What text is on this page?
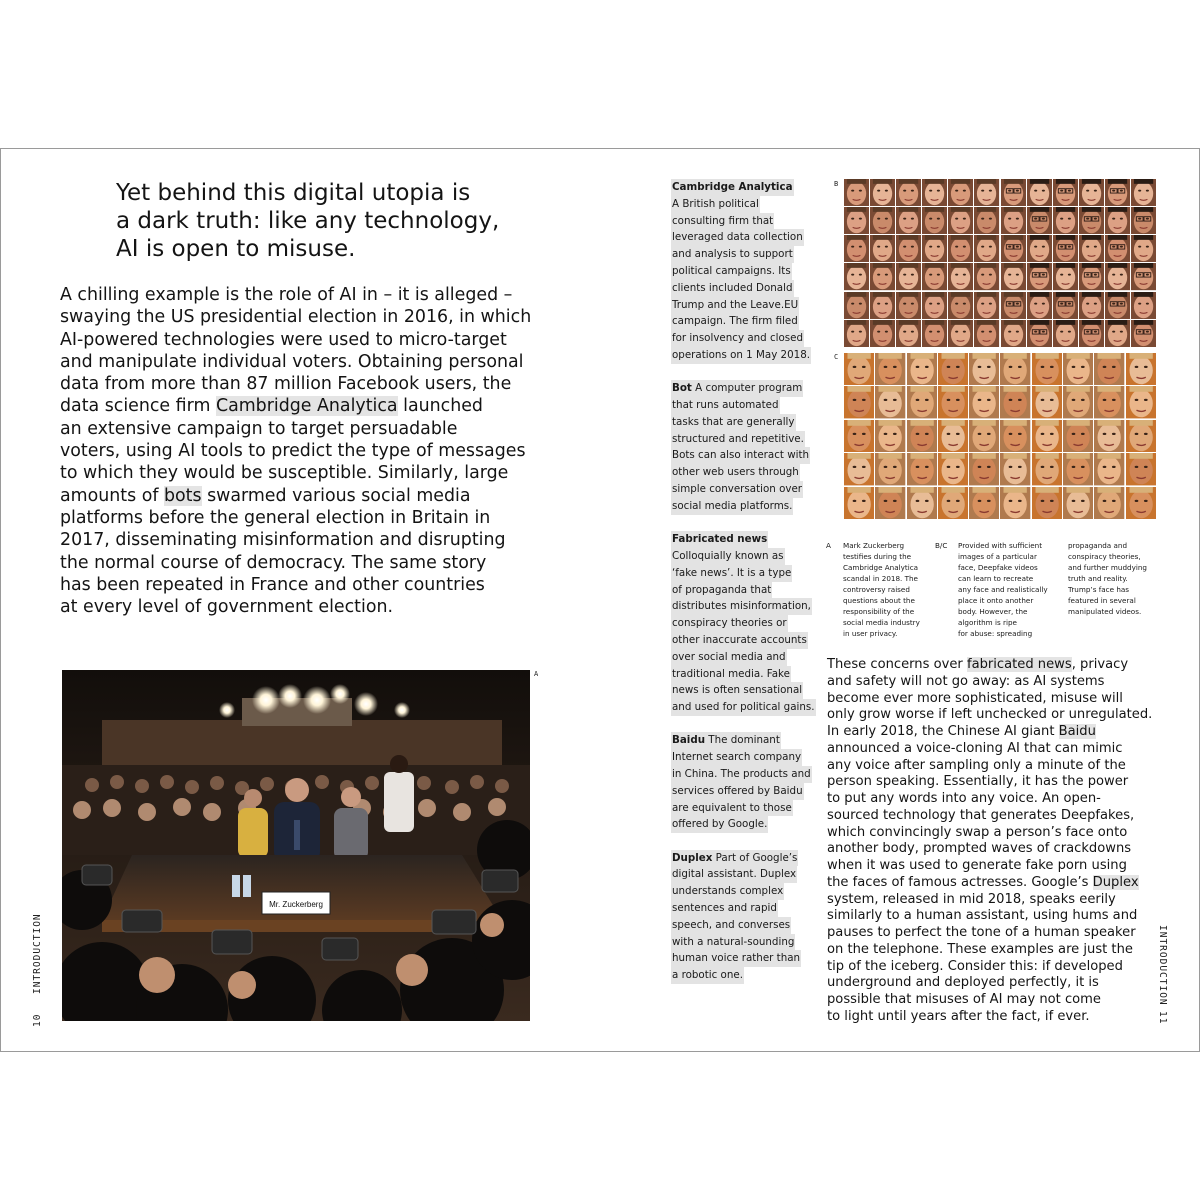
Yet behind this digital utopia is
a dark truth: like any technology,
AI is open to misuse.
A chilling example is the role of AI in – it is alleged –
swaying the US presidential election in 2016, in which
AI-powered technologies were used to micro-target
and manipulate individual voters. Obtaining personal
data from more than 87 million Facebook users, the
data science firm Cambridge Analytica launched
an extensive campaign to target persuadable
voters, using AI tools to predict the type of messages
to which they would be susceptible. Similarly, large
amounts of bots swarmed various social media
platforms before the general election in Britain in
2017, disseminating misinformation and disrupting
the normal course of democracy. The same story
has been repeated in France and other countries
at every level of government election.
Mr. Zuckerberg
A
INTRODUCTION
10
Cambridge Analytica
A British political
consulting firm that
leveraged data collection
and analysis to support
political campaigns. Its
clients included Donald
Trump and the Leave.EU
campaign. The firm filed
for insolvency and closed
operations on 1 May 2018.
Bot A computer program
that runs automated
tasks that are generally
structured and repetitive.
Bots can also interact with
other web users through
simple conversation over
social media platforms.
Fabricated news
Colloquially known as
‘fake news’. It is a type
of propaganda that
distributes misinformation,
conspiracy theories or
other inaccurate accounts
over social media and
traditional media. Fake
news is often sensational
and used for political gains.
Baidu The dominant
Internet search company
in China. The products and
services offered by Baidu
are equivalent to those
offered by Google.
Duplex Part of Google’s
digital assistant. Duplex
understands complex
sentences and rapid
speech, and converses
with a natural-sounding
human voice rather than
a robotic one.
B
C
A Mark Zuckerberg
testifies during the
Cambridge Analytica
scandal in 2018. The
controversy raised
questions about the
responsibility of the
social media industry
in user privacy.
B/C Provided with sufficient
images of a particular
face, Deepfake videos
can learn to recreate
any face and realistically
place it onto another
body. However, the
algorithm is ripe
for abuse: spreading
propaganda and
conspiracy theories,
and further muddying
truth and reality.
Trump’s face has
featured in several
manipulated videos.
These concerns over fabricated news, privacy
and safety will not go away: as AI systems
become ever more sophisticated, misuse will
only grow worse if left unchecked or unregulated.
In early 2018, the Chinese AI giant Baidu
announced a voice-cloning AI that can mimic
any voice after sampling only a minute of the
person speaking. Essentially, it has the power
to put any words into any voice. An open-
sourced technology that generates Deepfakes,
which convincingly swap a person’s face onto
another body, prompted waves of crackdowns
when it was used to generate fake porn using
the faces of famous actresses. Google’s Duplex
system, released in mid 2018, speaks eerily
similarly to a human assistant, using hums and
pauses to perfect the tone of a human speaker
on the telephone. These examples are just the
tip of the iceberg. Consider this: if developed
underground and deployed perfectly, it is
possible that misuses of AI may not come
to light until years after the fact, if ever.
INTRODUCTION
11
